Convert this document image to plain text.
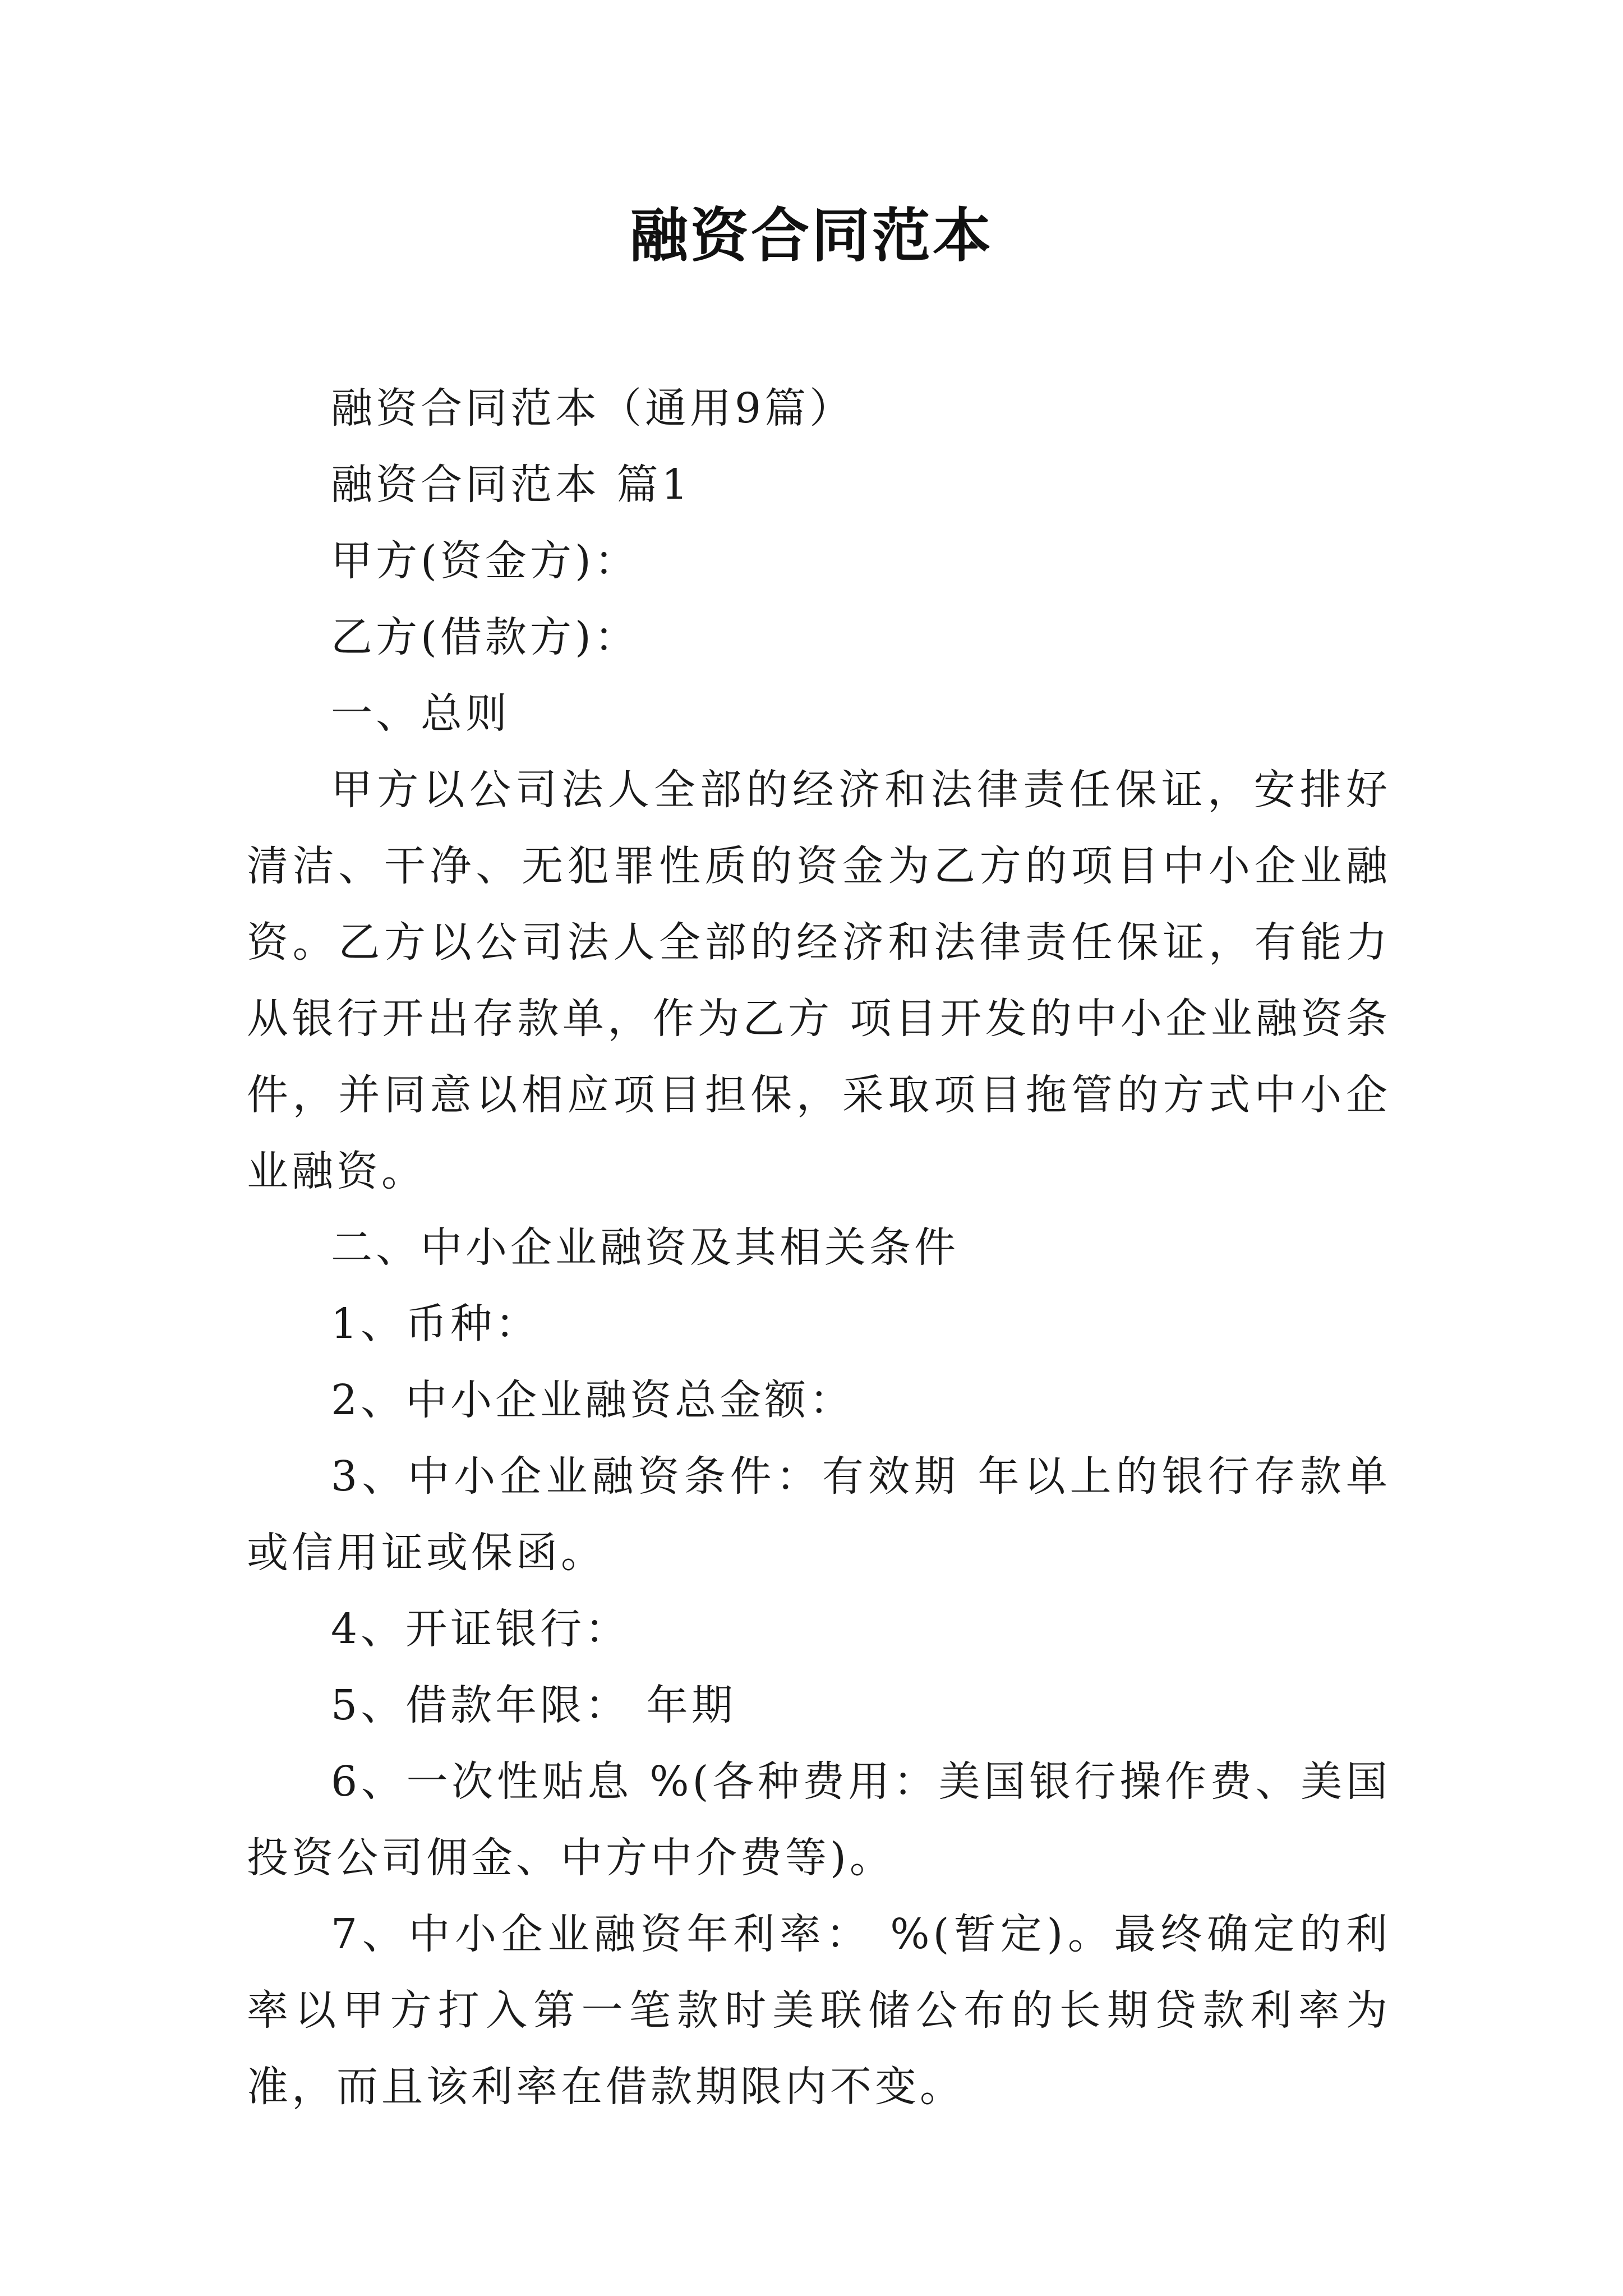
融资合同范本

融资合同范本（通用9篇）

融资合同范本 篇1

甲方(资金方)：

乙方(借款方)：

一、总则

甲方以公司法人全部的经济和法律责任保证，安排好清洁、干净、无犯罪性质的资金为乙方的项目中小企业融资。乙方以公司法人全部的经济和法律责任保证，有能力从银行开出存款单，作为乙方 项目开发的中小企业融资条件，并同意以相应项目担保，采取项目拖管的方式中小企业融资。

二、中小企业融资及其相关条件

1、币种：

2、中小企业融资总金额：

3、中小企业融资条件：有效期 年以上的银行存款单或信用证或保函。

4、开证银行：

5、借款年限： 年期

6、一次性贴息 %(各种费用：美国银行操作费、美国投资公司佣金、中方中介费等)。

7、中小企业融资年利率： %(暂定)。最终确定的利率以甲方打入第一笔款时美联储公布的长期贷款利率为准，而且该利率在借款期限内不变。
